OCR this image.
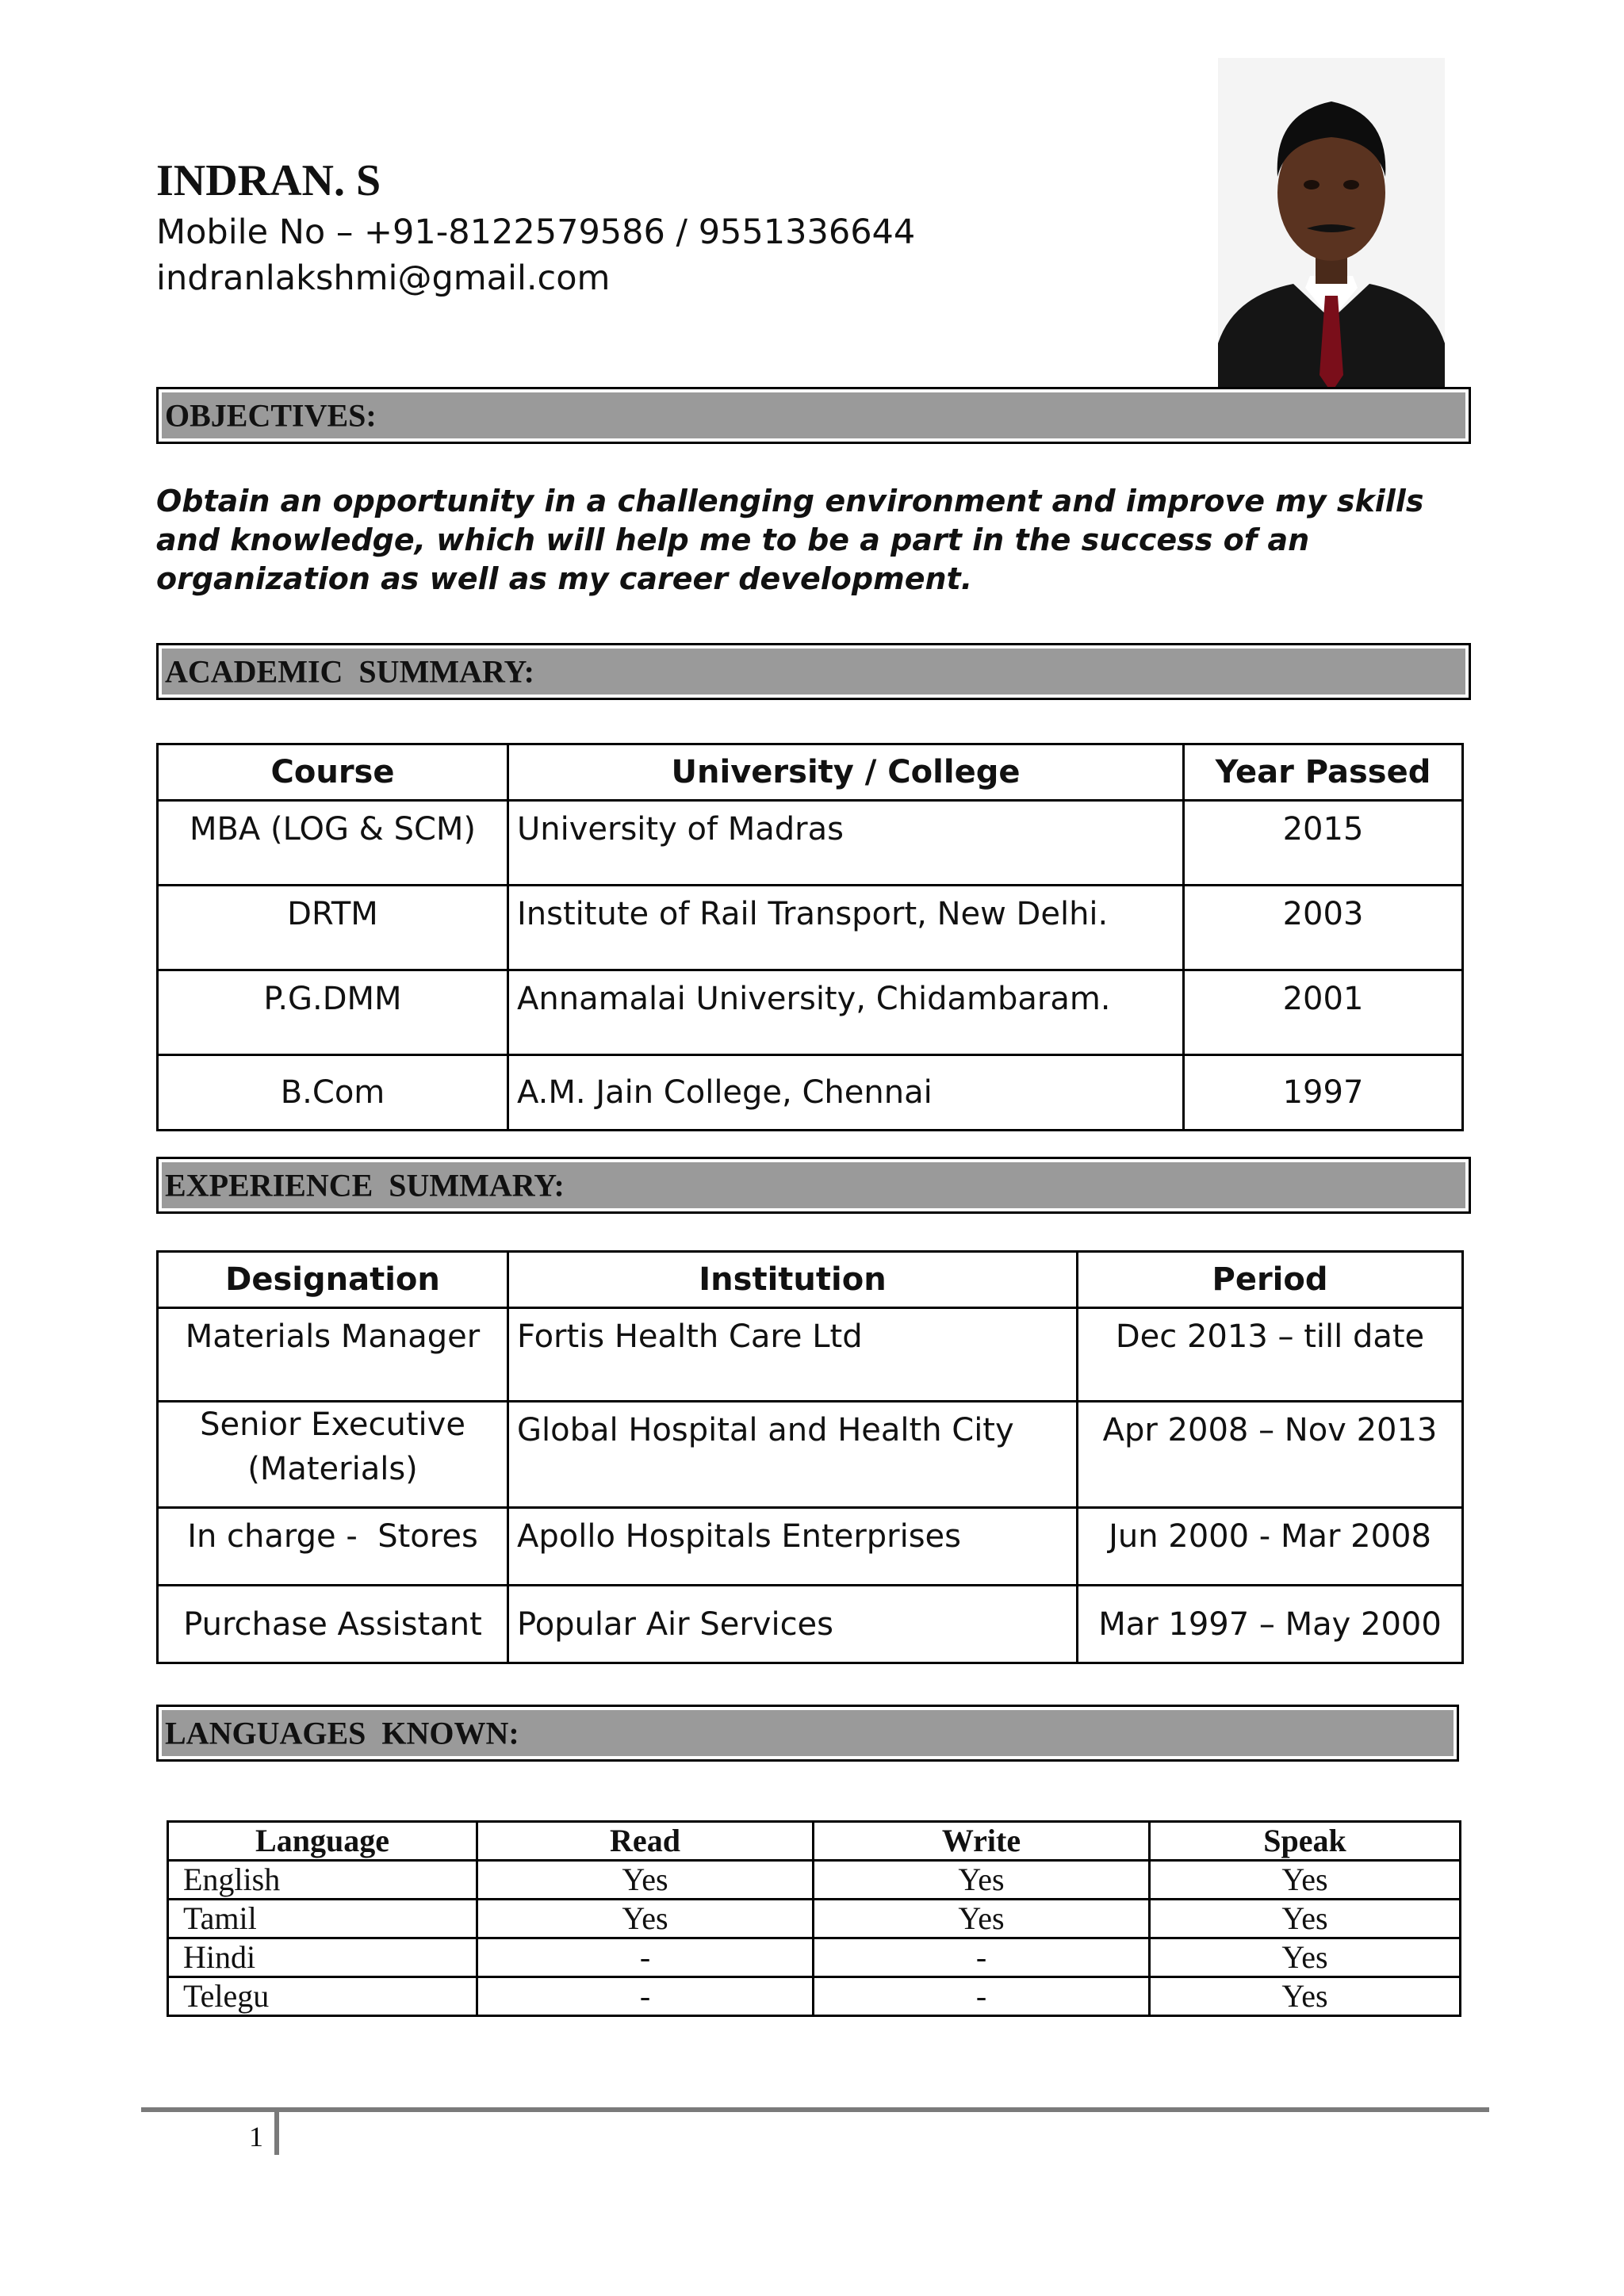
INDRAN. S
Mobile No – +91-8122579586 / 9551336644
indranlakshmi@gmail.com
OBJECTIVES:
Obtain an opportunity in a challenging environment and improve my skills and knowledge, which will help me to be a part in the success of an organization as well as my career development.
ACADEMIC  SUMMARY:
Course	University / College	Year Passed
MBA (LOG & SCM)	University of Madras	2015
DRTM	Institute of Rail Transport, New Delhi.	2003
P.G.DMM	Annamalai University, Chidambaram.	2001
B.Com	A.M. Jain College, Chennai	1997
EXPERIENCE  SUMMARY:
Designation	Institution	Period
Materials Manager	Fortis Health Care Ltd	Dec 2013 – till date
Senior Executive (Materials)	Global Hospital and Health City	Apr 2008 – Nov 2013
In charge -  Stores	Apollo Hospitals Enterprises	Jun 2000 - Mar 2008
Purchase Assistant	Popular Air Services	Mar 1997 – May 2000
LANGUAGES  KNOWN:
Language	Read	Write	Speak
English	Yes	Yes	Yes
Tamil	Yes	Yes	Yes
Hindi	-	-	Yes
Telegu	-	-	Yes
1
